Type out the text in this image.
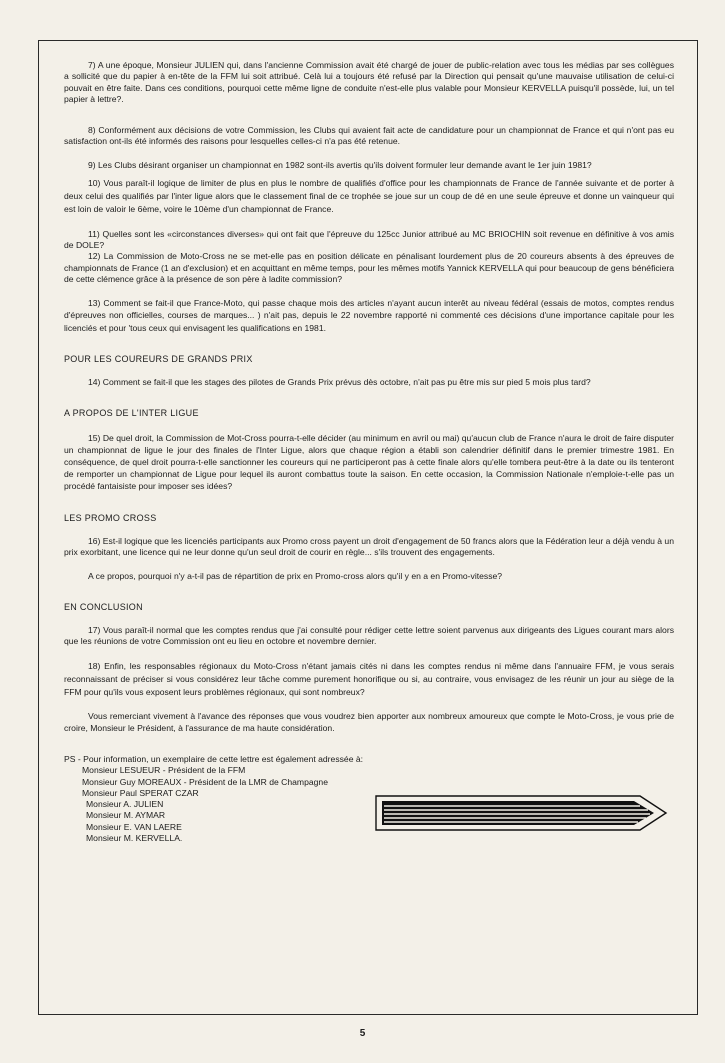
7) A une époque, Monsieur JULIEN qui, dans l'ancienne Commission avait été chargé de jouer de public-relation avec tous les médias par ses collègues a sollicité que du papier à en-tête de la FFM lui soit attribué. Celà lui a toujours été refusé par la Direction qui pensait qu'une mauvaise utilisation de celui-ci pouvait en être faite. Dans ces conditions, pourquoi cette même ligne de conduite n'est-elle plus valable pour Monsieur KERVELLA puisqu'il possède, lui, un tel papier à lettre?.

8) Conformément aux décisions de votre Commission, les Clubs qui avaient fait acte de candidature pour un championnat de France et qui n'ont pas eu satisfaction ont-ils été informés des raisons pour lesquelles celles-ci n'a pas été retenue.

9) Les Clubs désirant organiser un championnat en 1982 sont-ils avertis qu'ils doivent formuler leur demande avant le 1er juin 1981?

10) Vous paraît-il logique de limiter de plus en plus le nombre de qualifiés d'office pour les championnats de France de l'année suivante et de porter à deux celui des qualifiés par l'inter ligue alors que le classement final de ce trophée se joue sur un coup de dé en une seule épreuve et donne un vainqueur qui est loin de valoir le 6ème, voire le 10ème d'un championnat de France.

11) Quelles sont les «circonstances diverses» qui ont fait que l'épreuve du 125cc Junior attribué au MC BRIOCHIN soit revenue en définitive à vos amis de DOLE?

12) La Commission de Moto-Cross ne se met-elle pas en position délicate en pénalisant lourdement plus de 20 coureurs absents à des épreuves de championnats de France (1 an d'exclusion) et en acquittant en même temps, pour les mêmes motifs Yannick KERVELLA qui pour beaucoup de gens bénéficiera de cette clémence grâce à la présence de son père à ladite commission?

13) Comment se fait-il que France-Moto, qui passe chaque mois des articles n'ayant aucun interêt au niveau fédéral (essais de motos, comptes rendus d'épreuves non officielles, courses de marques... ) n'ait pas, depuis le 22 novembre rapporté ni commenté ces décisions d'une importance capitale pour les licenciés et pour 'tous ceux qui envisagent les qualifications en 1981.

POUR LES COUREURS DE GRANDS PRIX

14) Comment se fait-il que les stages des pilotes de Grands Prix prévus dès octobre, n'ait pas pu être mis sur pied 5 mois plus tard?

A PROPOS DE L'INTER LIGUE

15) De quel droit, la Commission de Mot-Cross pourra-t-elle décider (au minimum en avril ou mai) qu'aucun club de France n'aura le droit de faire disputer un championnat de ligue le jour des finales de l'Inter Ligue, alors que chaque région a établi son calendrier définitif dans le premier trimestre 1981. En conséquence, de quel droit pourra-t-elle sanctionner les coureurs qui ne participeront pas à cette finale alors qu'elle tombera peut-être à la date ou ils tenteront de remporter un championnat de Ligue pour lequel ils auront combattus toute la saison. En cette occasion, la Commission Nationale n'emploie-t-elle pas un procédé fantaisiste pour imposer ses idées?

LES PROMO CROSS

16) Est-il logique que les licenciés participants aux Promo cross payent un droit d'engagement de 50 francs alors que la Fédération leur a déjà vendu à un prix exorbitant, une licence qui ne leur donne qu'un seul droit de courir en règle... s'ils trouvent des engagements.

A ce propos, pourquoi n'y a-t-il pas de répartition de prix en Promo-cross alors qu'il y en a en Promo-vitesse?

EN CONCLUSION

17) Vous paraît-il normal que les comptes rendus que j'ai consulté pour rédiger cette lettre soient parvenus aux dirigeants des Ligues courant mars alors que les réunions de votre Commission ont eu lieu en octobre et novembre dernier.

18) Enfin, les responsables régionaux du Moto-Cross n'étant jamais cités ni dans les comptes rendus ni même dans l'annuaire FFM, je vous serais reconnaissant de préciser si vous considérez leur tâche comme purement honorifique ou si, au contraire, vous envisagez de les réunir un jour au siège de la FFM pour qu'ils vous exposent leurs problèmes régionaux, qui sont nombreux?

Vous remerciant vivement à l'avance des réponses que vous voudrez bien apporter aux nombreux amoureux que compte le Moto-Cross, je vous prie de croire, Monsieur le Président, à l'assurance de ma haute considération.

PS - Pour information, un exemplaire de cette lettre est également adressée à:
Monsieur LESUEUR - Président de la FFM
Monsieur Guy MOREAUX - Président de la LMR de Champagne
Monsieur Paul SPERAT CZAR
Monsieur A. JULIEN
Monsieur M. AYMAR
Monsieur E. VAN LAERE
Monsieur M. KERVELLA.

5
